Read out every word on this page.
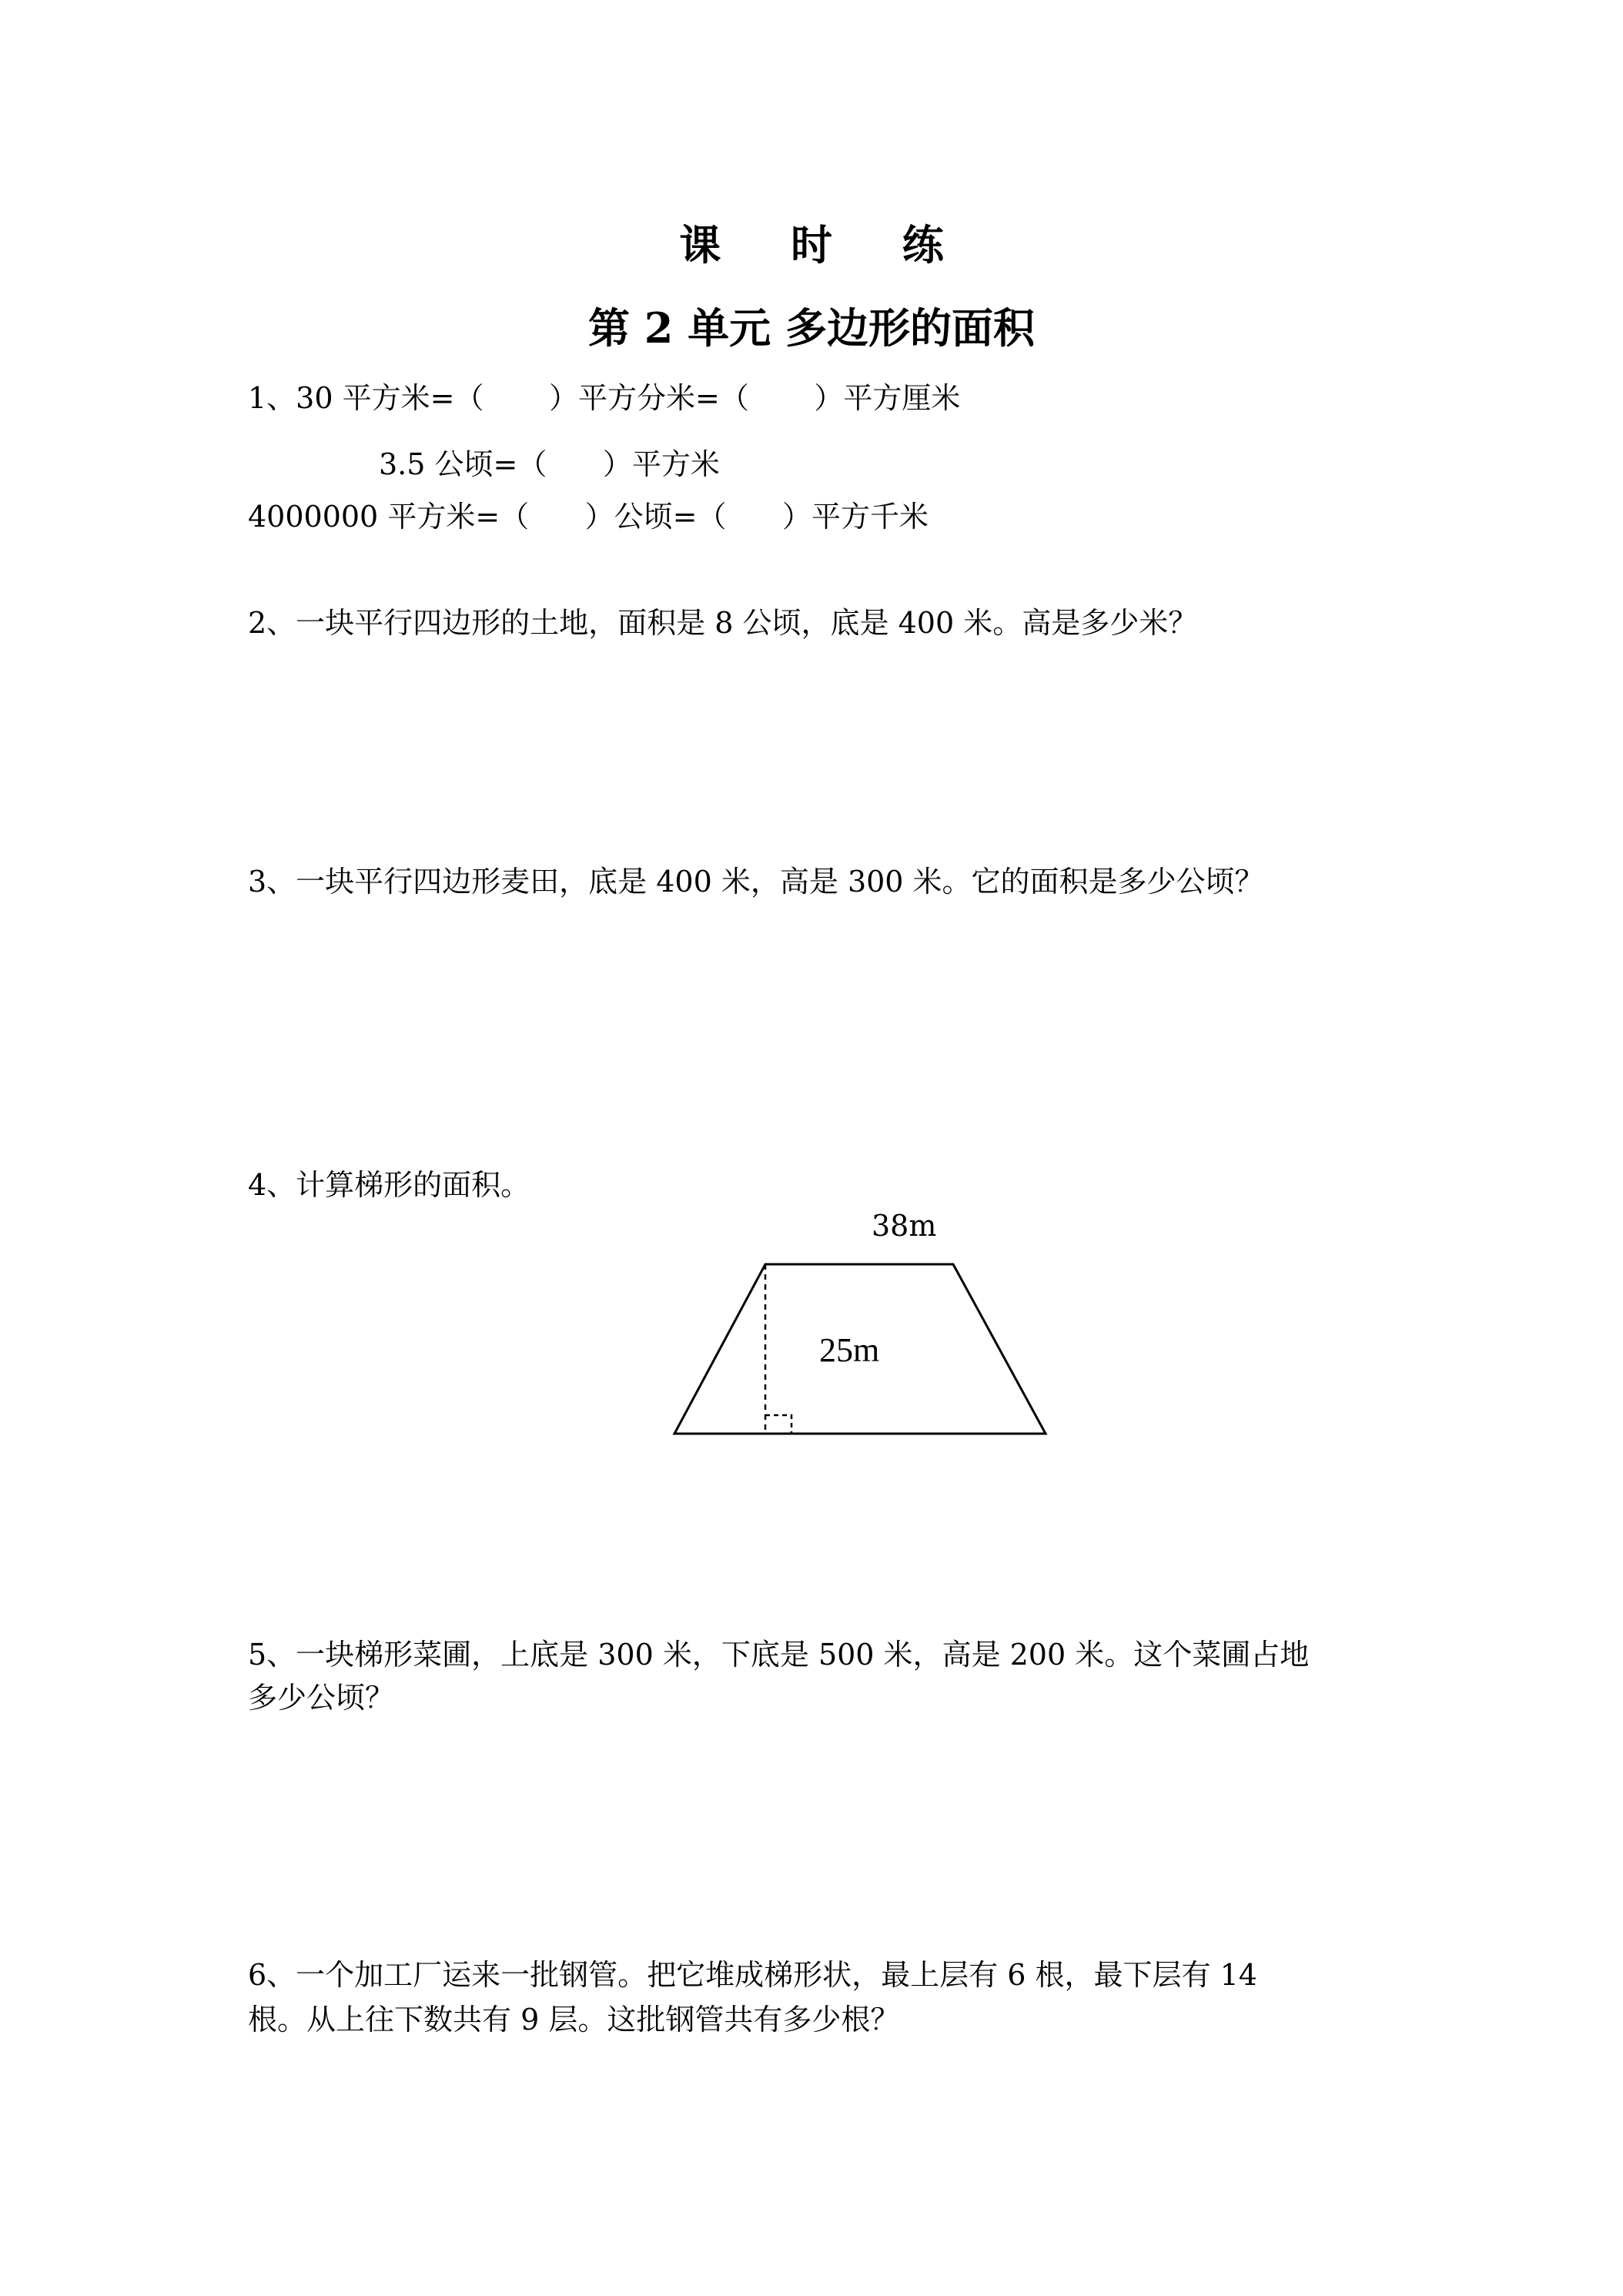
课 时 练
第 2 单元 多边形的面积
1、30 平方米=（       ）平方分米=（       ）平方厘米
3.5 公顷=（      ）平方米
4000000 平方米=（      ）公顷=（      ）平方千米
2、一块平行四边形的土地，面积是 8 公顷，底是 400 米。高是多少米？
3、一块平行四边形麦田，底是 400 米，高是 300 米。它的面积是多少公顷？
4、计算梯形的面积。
38m
25m
5、一块梯形菜圃，上底是 300 米，下底是 500 米，高是 200 米。这个菜圃占地
多少公顷？
6、一个加工厂运来一批钢管。把它堆成梯形状，最上层有 6 根，最下层有 14
根。从上往下数共有 9 层。这批钢管共有多少根？
